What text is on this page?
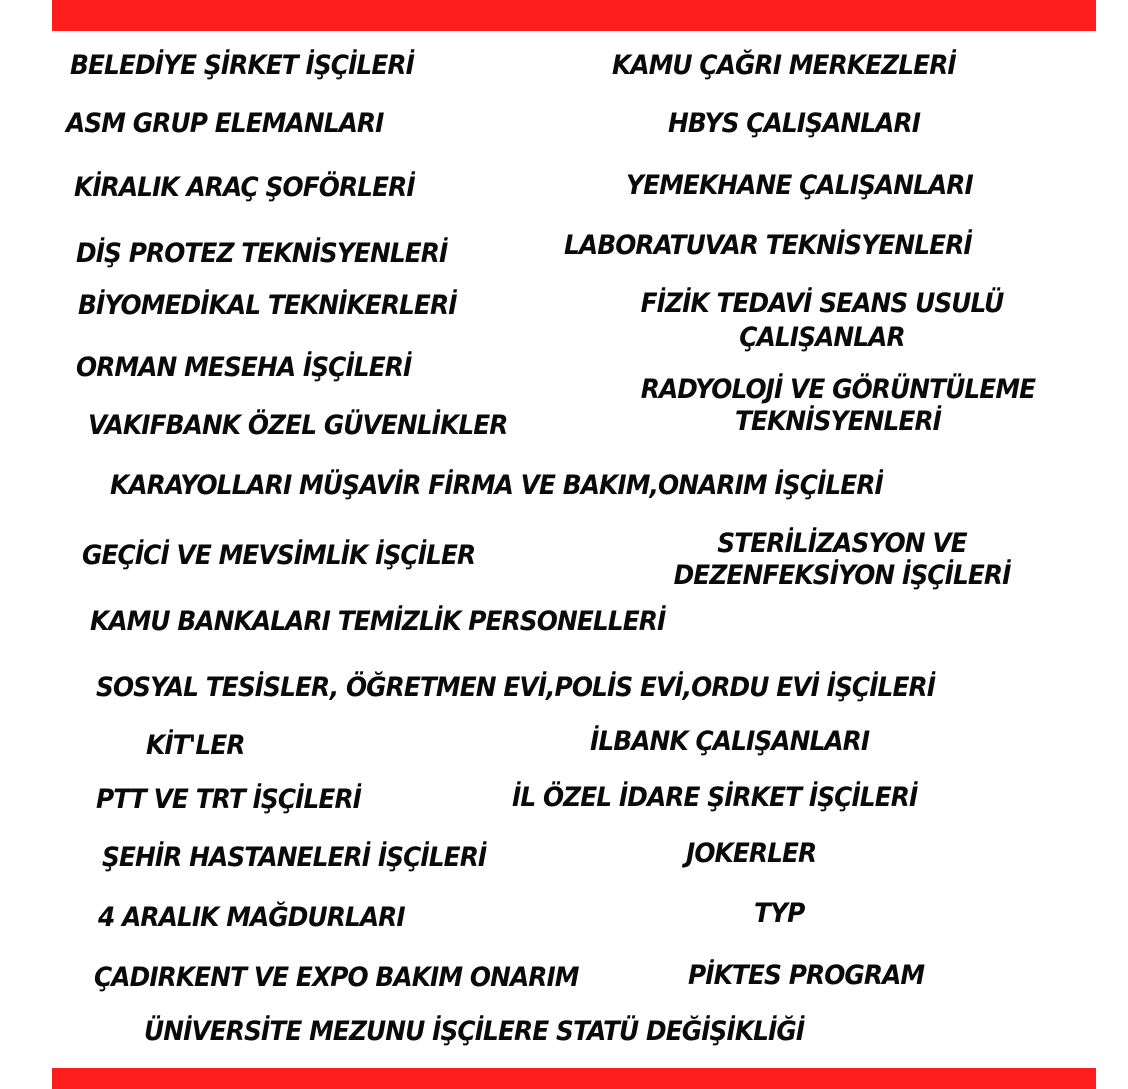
BELEDİYE ŞİRKET İŞÇİLERİ	KAMU ÇAĞRI MERKEZLERİ

ASM GRUP ELEMANLARI	HBYS ÇALIŞANLARI

KİRALIK ARAÇ ŞOFÖRLERİ	YEMEKHANE ÇALIŞANLARI

DİŞ PROTEZ TEKNİSYENLERİ	LABORATUVAR TEKNİSYENLERİ

BİYOMEDİKAL TEKNİKERLERİ	FİZİK TEDAVİ SEANS USULÜ

ÇALIŞANLAR

ORMAN MESEHA İŞÇİLERİ

RADYOLOJİ VE GÖRÜNTÜLEME

TEKNİSYENLERİ

VAKIFBANK ÖZEL GÜVENLİKLER

KARAYOLLARI MÜŞAVİR FİRMA VE BAKIM,ONARIM İŞÇİLERİ

GEÇİCİ VE MEVSİMLİK İŞÇİLER	STERİLİZASYON VE

DEZENFEKSİYON İŞÇİLERİ

KAMU BANKALARI TEMİZLİK PERSONELLERİ

SOSYAL TESİSLER, ÖĞRETMEN EVİ,POLİS EVİ,ORDU EVİ İŞÇİLERİ

KİT'LER	İLBANK ÇALIŞANLARI

PTT VE TRT İŞÇİLERİ	İL ÖZEL İDARE ŞİRKET İŞÇİLERİ

ŞEHİR HASTANELERİ İŞÇİLERİ	JOKERLER

4 ARALIK MAĞDURLARI	TYP

ÇADIRKENT VE EXPO BAKIM ONARIM	PİKTES PROGRAM

ÜNİVERSİTE MEZUNU İŞÇİLERE STATÜ DEĞİŞİKLİĞİ
